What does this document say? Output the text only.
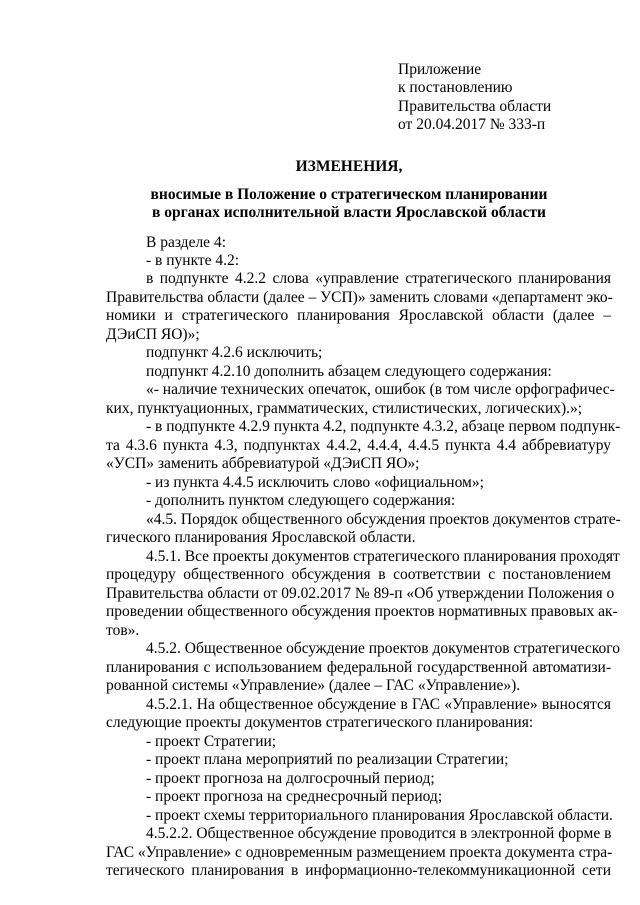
Приложение
к постановлению
Правительства области
от 20.04.2017 № 333-п
ИЗМЕНЕНИЯ,
вносимые в Положение о стратегическом планировании
в органах исполнительной власти Ярославской области
В разделе 4:
- в пункте 4.2:
в подпункте 4.2.2 слова «управление стратегического планирования
Правительства области (далее – УСП)» заменить словами «департамент эко-
номики и стратегического планирования Ярославской области (далее –
ДЭиСП ЯО)»;
подпункт 4.2.6 исключить;
подпункт 4.2.10 дополнить абзацем следующего содержания:
«- наличие технических опечаток, ошибок (в том числе орфографичес-
ких, пунктуационных, грамматических, стилистических, логических).»;
- в подпункте 4.2.9 пункта 4.2, подпункте 4.3.2, абзаце первом подпунк-
та 4.3.6 пункта 4.3, подпунктах 4.4.2, 4.4.4, 4.4.5 пункта 4.4 аббревиатуру
«УСП» заменить аббревиатурой «ДЭиСП ЯО»;
- из пункта 4.4.5 исключить слово «официальном»;
- дополнить пунктом следующего содержания:
«4.5. Порядок общественного обсуждения проектов документов страте-
гического планирования Ярославской области.
4.5.1. Все проекты документов стратегического планирования проходят
процедуру общественного обсуждения в соответствии с постановлением
Правительства области от 09.02.2017 № 89-п «Об утверждении Положения о
проведении общественного обсуждения проектов нормативных правовых ак-
тов».
4.5.2. Общественное обсуждение проектов документов стратегического
планирования с использованием федеральной государственной автоматизи-
рованной системы «Управление» (далее – ГАС «Управление»).
4.5.2.1. На общественное обсуждение в ГАС «Управление» выносятся
следующие проекты документов стратегического планирования:
- проект Стратегии;
- проект плана мероприятий по реализации Стратегии;
- проект прогноза на долгосрочный период;
- проект прогноза на среднесрочный период;
- проект схемы территориального планирования Ярославской области.
4.5.2.2. Общественное обсуждение проводится в электронной форме в
ГАС «Управление» с одновременным размещением проекта документа стра-
тегического планирования в информационно-телекоммуникационной сети
